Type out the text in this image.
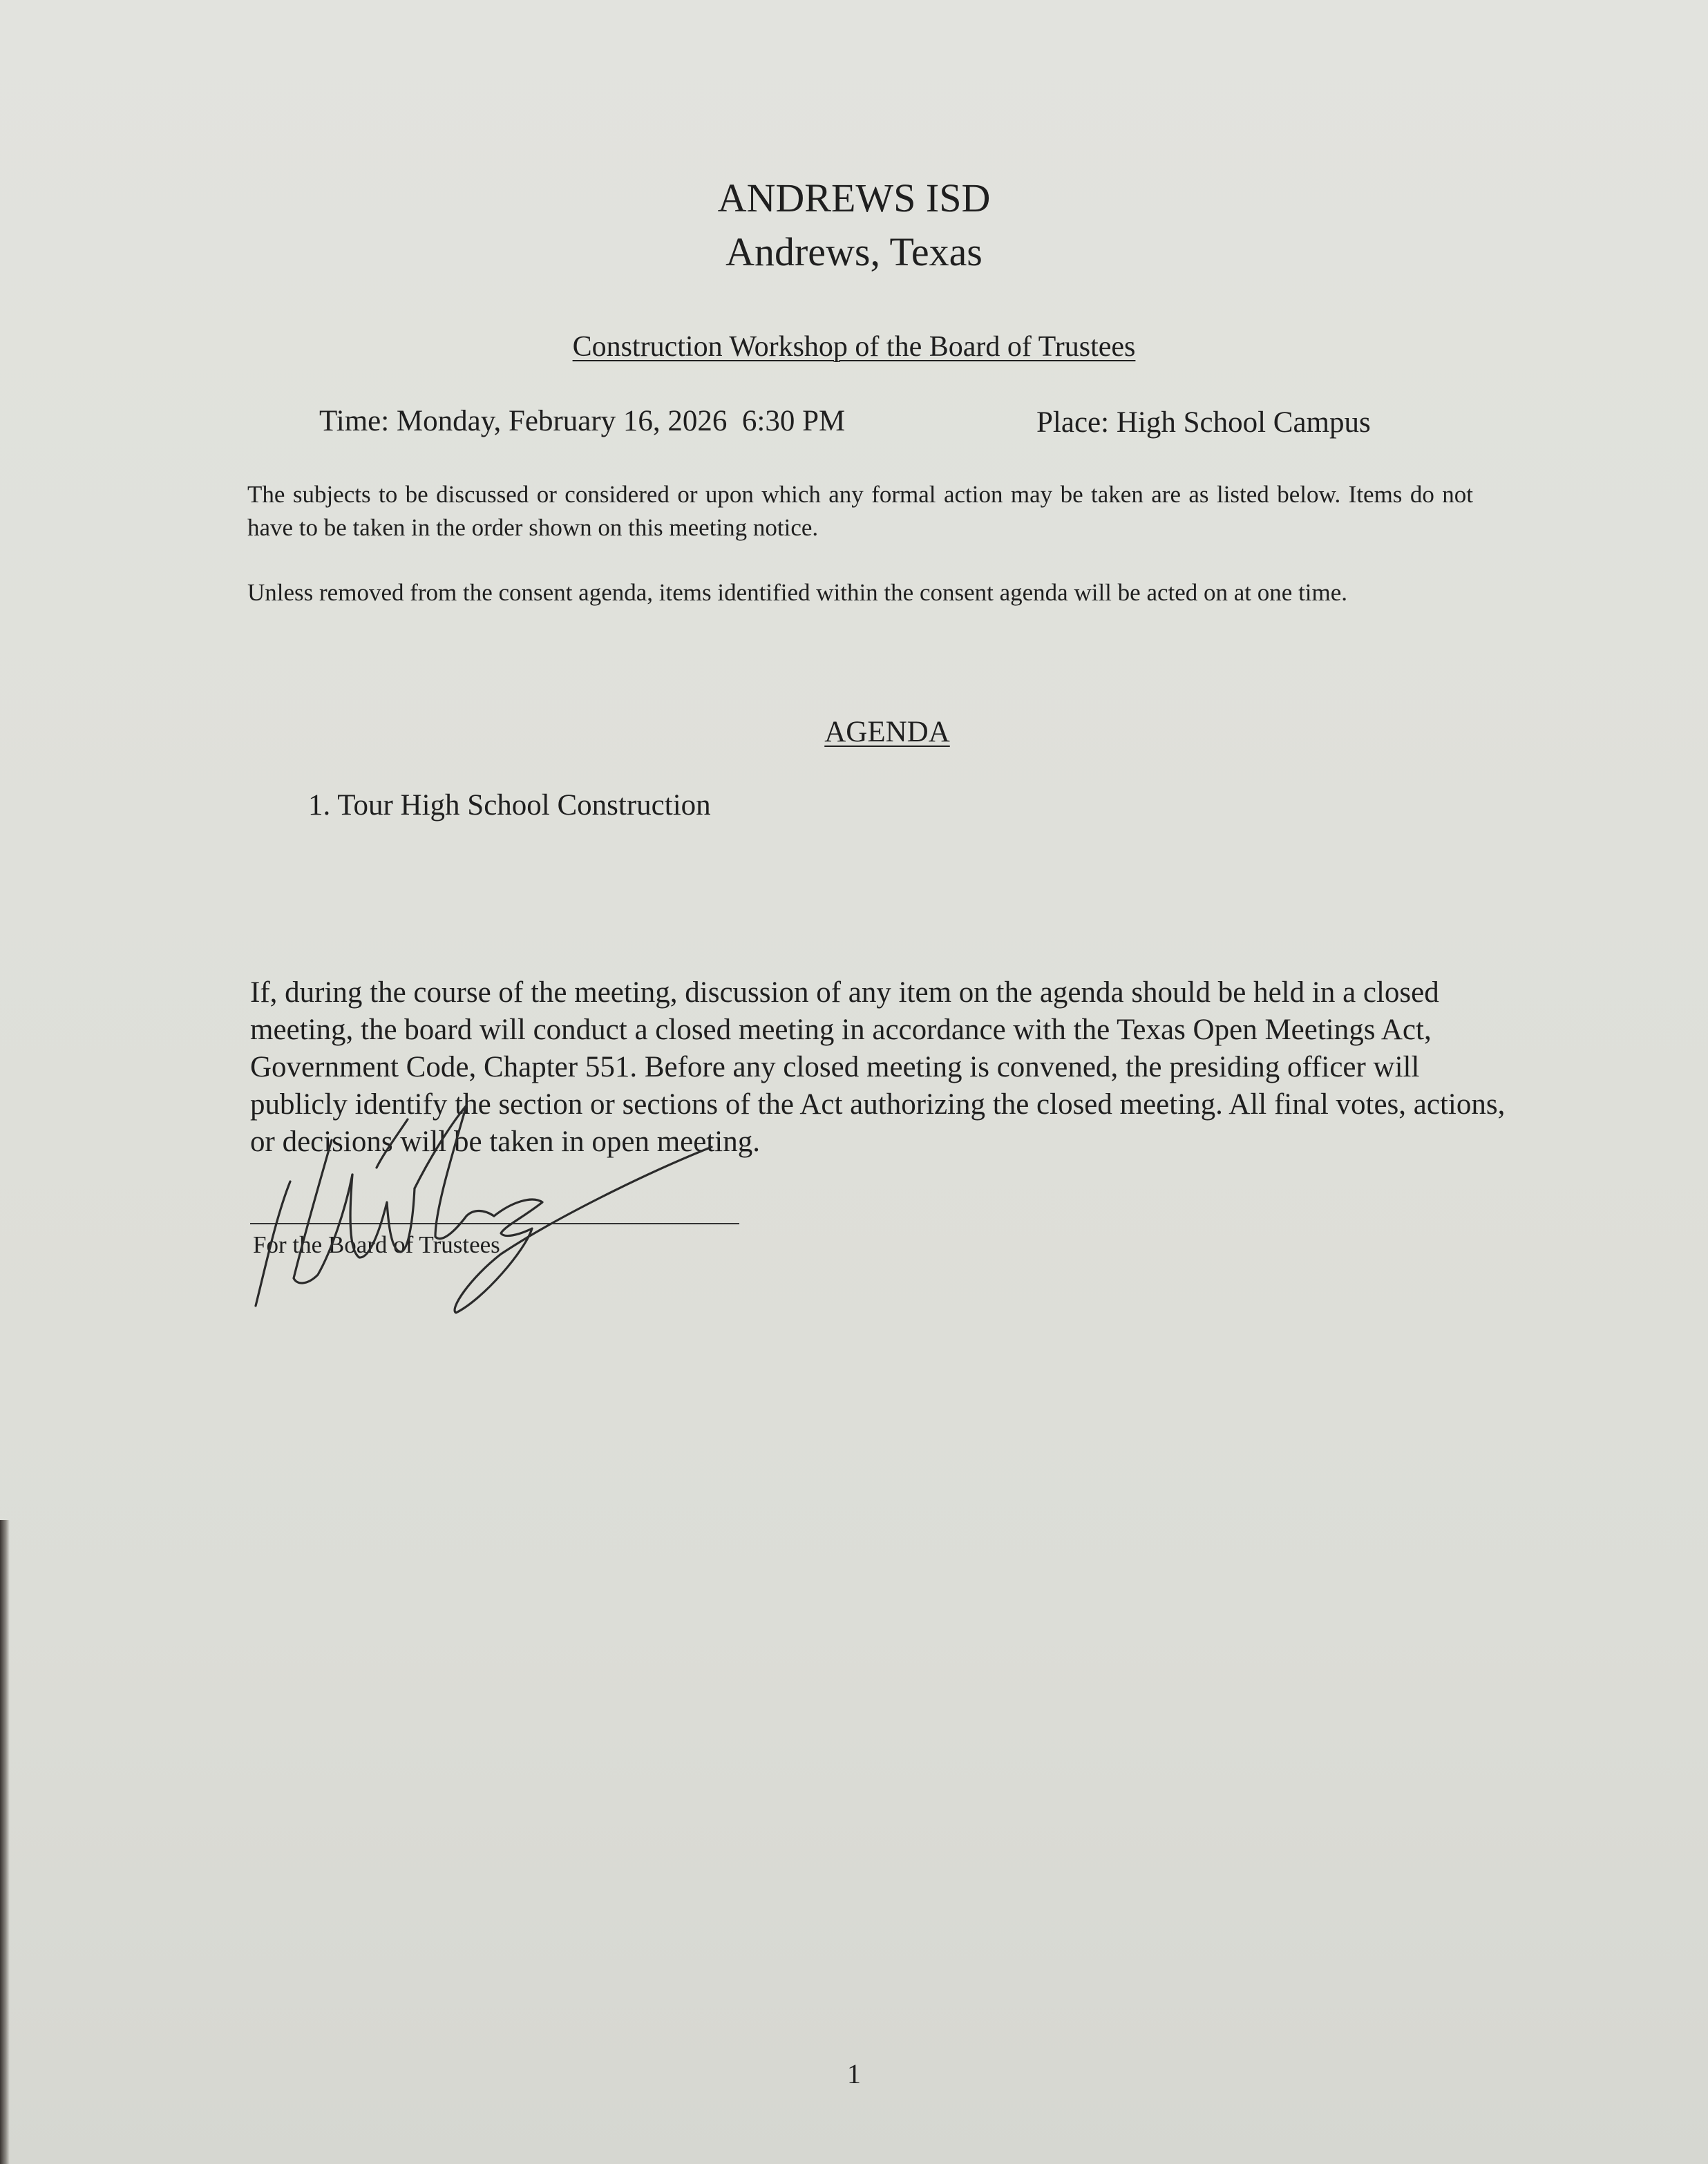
ANDREWS ISD
Andrews, Texas
Construction Workshop of the Board of Trustees
Time: Monday, February 16, 2026  6:30 PM	Place: High School Campus
The subjects to be discussed or considered or upon which any formal action may be taken are as listed below. Items do not have to be taken in the order shown on this meeting notice.
Unless removed from the consent agenda, items identified within the consent agenda will be acted on at one time.
AGENDA
1. Tour High School Construction
If, during the course of the meeting, discussion of any item on the agenda should be held in a closed meeting, the board will conduct a closed meeting in accordance with the Texas Open Meetings Act, Government Code, Chapter 551. Before any closed meeting is convened, the presiding officer will publicly identify the section or sections of the Act authorizing the closed meeting. All final votes, actions, or decisions will be taken in open meeting.
For the Board of Trustees
1
